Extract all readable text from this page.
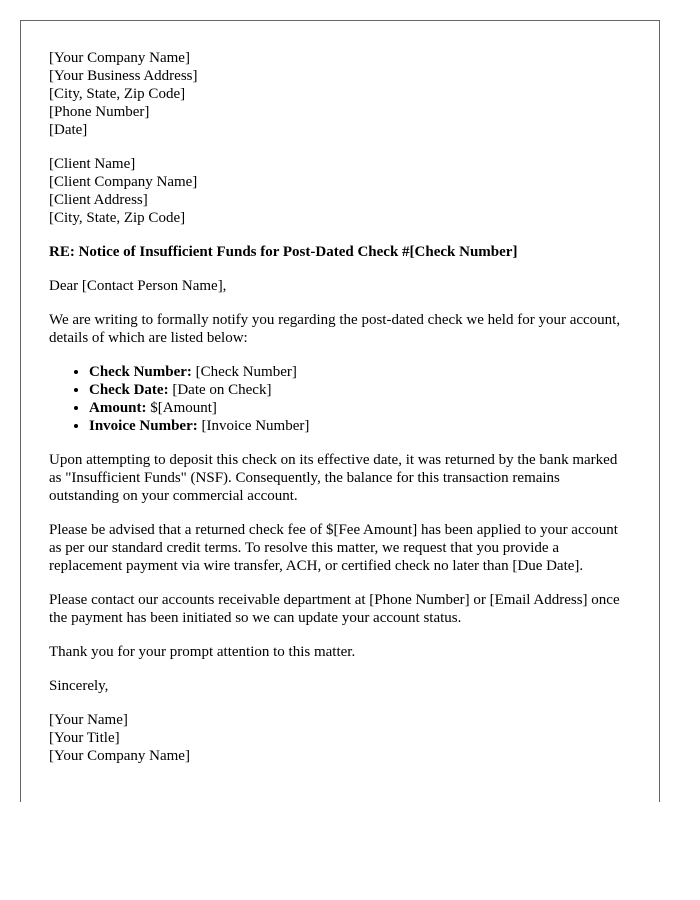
[Your Company Name]
[Your Business Address]
[City, State, Zip Code]
[Phone Number]
[Date]
[Client Name]
[Client Company Name]
[Client Address]
[City, State, Zip Code]
RE: Notice of Insufficient Funds for Post-Dated Check #[Check Number]

Dear [Contact Person Name],

We are writing to formally notify you regarding the post-dated check we held for your account, details of which are listed below:

• Check Number: [Check Number]
• Check Date: [Date on Check]
• Amount: $[Amount]
• Invoice Number: [Invoice Number]

Upon attempting to deposit this check on its effective date, it was returned by the bank marked as "Insufficient Funds" (NSF). Consequently, the balance for this transaction remains outstanding on your commercial account.

Please be advised that a returned check fee of $[Fee Amount] has been applied to your account as per our standard credit terms. To resolve this matter, we request that you provide a replacement payment via wire transfer, ACH, or certified check no later than [Due Date].

Please contact our accounts receivable department at [Phone Number] or [Email Address] once the payment has been initiated so we can update your account status.

Thank you for your prompt attention to this matter.

Sincerely,

[Your Name]
[Your Title]
[Your Company Name]
